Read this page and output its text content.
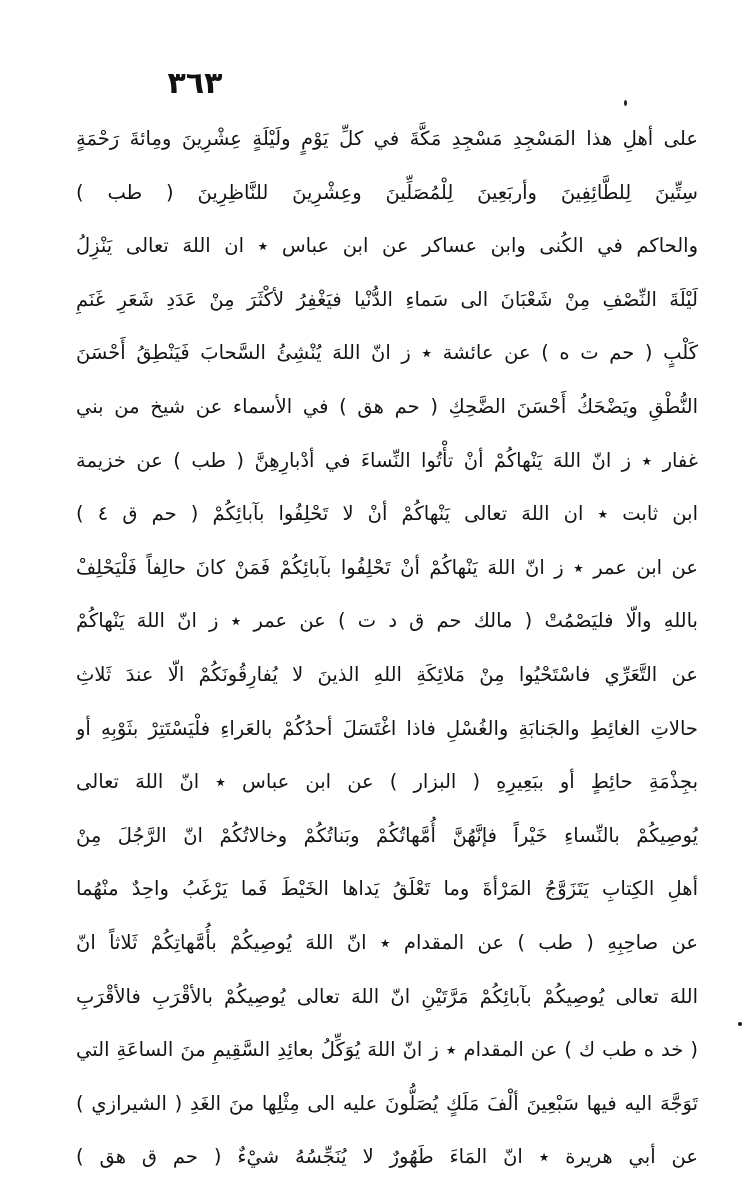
٣٦٣
على أهلِ هذا المَسْجِدِ مَسْجِدِ مَكَّةَ في كلِّ يَوْمٍ ولَيْلَةٍ عِشْرِينَ ومِائةَ رَحْمَةٍ
سِتِّينَ لِلطَّائِفِينَ وأربَعِينَ لِلْمُصَلِّينَ وعِشْرِينَ للنَّاظِرِينَ ( طب )
والحاكم في الكُنى وابن عساكر عن ابن عباس ٭ ان اللهَ تعالى يَنْزِلُ
لَيْلَةَ النِّصْفِ مِنْ شَعْبَانَ الى سَماءِ الدُّنْيا فيَغْفِرُ لأكْثَرَ مِنْ عَدَدِ شَعَرِ غَنَمِ
كَلْبٍ ( حم ت ه ) عن عائشة ٭ ز انّ اللهَ يُنْشِئُ السَّحابَ فَيَنْطِقُ أَحْسَنَ
النُّطْقِ ويَضْحَكُ أَحْسَنَ الضَّحِكِ ( حم هق ) في الأسماء عن شيخ من بني
غفار ٭ ز انّ اللهَ يَنْهاكُمْ أنْ تأْتُوا النِّساءَ في أدْبارِهِنَّ ( طب ) عن خزيمة
ابن ثابت ٭ ان اللهَ تعالى يَنْهاكُمْ أنْ لا تَحْلِفُوا بآبائِكُمْ ( حم ق ٤ )
عن ابن عمر ٭ ز انّ اللهَ يَنْهاكُمْ أنْ تَحْلِفُوا بآبائِكُمْ فَمَنْ كانَ حالِفاً فَلْيَحْلِفْ
باللهِ والّا فليَصْمُتْ ( مالك حم ق د ت ) عن عمر ٭ ز انّ اللهَ يَنْهاكُمْ
عن التَّعَرِّي فاسْتَحْيُوا مِنْ مَلائِكَةِ اللهِ الذينَ لا يُفارِقُونَكُمْ الّا عندَ ثَلاثِ
حالاتِ الغائِطِ والجَنابَةِ والغُسْلِ فاذا اغْتَسَلَ أحدُكُمْ بالعَراءِ فلْيَسْتَتِرْ بثَوْبِهِ أو
بجِذْمَةِ حائِطٍ أو ببَعِيرِهِ ( البزار ) عن ابن عباس ٭ انّ اللهَ تعالى
يُوصِيكُمْ بالنِّساءِ خَيْراً فإنَّهُنَّ أُمَّهاتُكُمْ وبَناتُكُمْ وخالاتُكُمْ انّ الرَّجُلَ مِنْ
أهلِ الكِتابِ يَتَزَوَّجُ المَرْأةَ وما تَعْلَقُ يَداها الخَيْطَ فَما يَرْغَبُ واحِدٌ منْهُما
عن صاحِبِهِ ( طب ) عن المقدام ٭ انّ اللهَ يُوصِيكُمْ بأُمَّهاتِكُمْ ثَلاثاً انّ
اللهَ تعالى يُوصِيكُمْ بآبائِكُمْ مَرَّتَيْنِ انّ اللهَ تعالى يُوصِيكُمْ بالأقْرَبِ فالأقْرَبِ
( خد ه طب ك ) عن المقدام ٭ ز انّ اللهَ يُوَكِّلُ بعائِدِ السَّقِيمِ منَ الساعَةِ التي
تَوَجَّهَ اليه فيها سَبْعِينَ ألْفَ مَلَكٍ يُصَلُّونَ عليه الى مِثْلِها منَ الغَدِ ( الشيرازي )
عن أبي هريرة ٭ انّ المَاءَ طَهُورٌ لا يُنَجِّسُهُ شيْءٌ ( حم ق هق )
